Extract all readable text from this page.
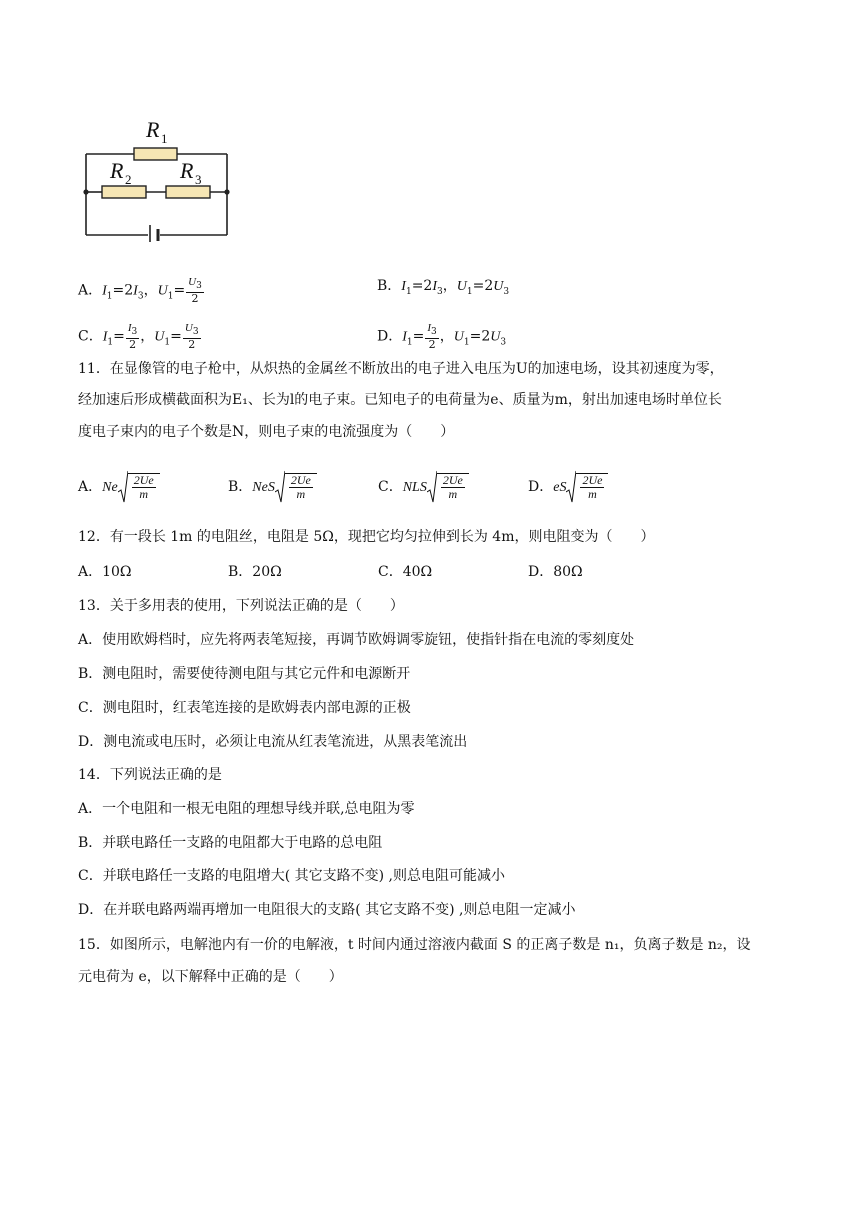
R 1
R 2 R 3
A．$I_1=2I_3$，$U_1= \frac{U_3}{2}$	B．$I_1=2I_3$，$U_1=2U_3$
C．$I_1= \frac{I_3}{2}$ ，$U_1= \frac{U_3}{2}$	D．$I_1= \frac{I_3}{2}$ ，$U_1=2U_3$
11．在显像管的电子枪中，从炽热的金属丝不断放出的电子进入电压为U的加速电场，设其初速度为零，
经加速后形成横截面积为E₁、长为l的电子束。已知电子的电荷量为e、质量为m，射出加速电场时单位长
度电子束内的电子个数是N，则电子束的电流强度为（　　）
A．Ne $\frac{2Ue}{m}$	B．NeS $\frac{2Ue}{m}$	C．NLS $\frac{2Ue}{m}$	D．eS $\frac{2Ue}{m}$
12．有一段长 1m 的电阻丝，电阻是 5Ω，现把它均匀拉伸到长为 4m，则电阻变为（　　）
A．10Ω	B．20Ω	C．40Ω	D．80Ω
13．关于多用表的使用，下列说法正确的是（　　）
A．使用欧姆档时，应先将两表笔短接，再调节欧姆调零旋钮，使指针指在电流的零刻度处
B．测电阻时，需要使待测电阻与其它元件和电源断开
C．测电阻时，红表笔连接的是欧姆表内部电源的正极
D．测电流或电压时，必须让电流从红表笔流进，从黑表笔流出
14．下列说法正确的是
A．一个电阻和一根无电阻的理想导线并联,总电阻为零
B．并联电路任一支路的电阻都大于电路的总电阻
C．并联电路任一支路的电阻增大( 其它支路不变) ,则总电阻可能减小
D．在并联电路两端再增加一电阻很大的支路( 其它支路不变) ,则总电阻一定减小
15．如图所示，电解池内有一价的电解液，t 时间内通过溶液内截面 S 的正离子数是 n₁，负离子数是 n₂，设
元电荷为 e，以下解释中正确的是（　　）
